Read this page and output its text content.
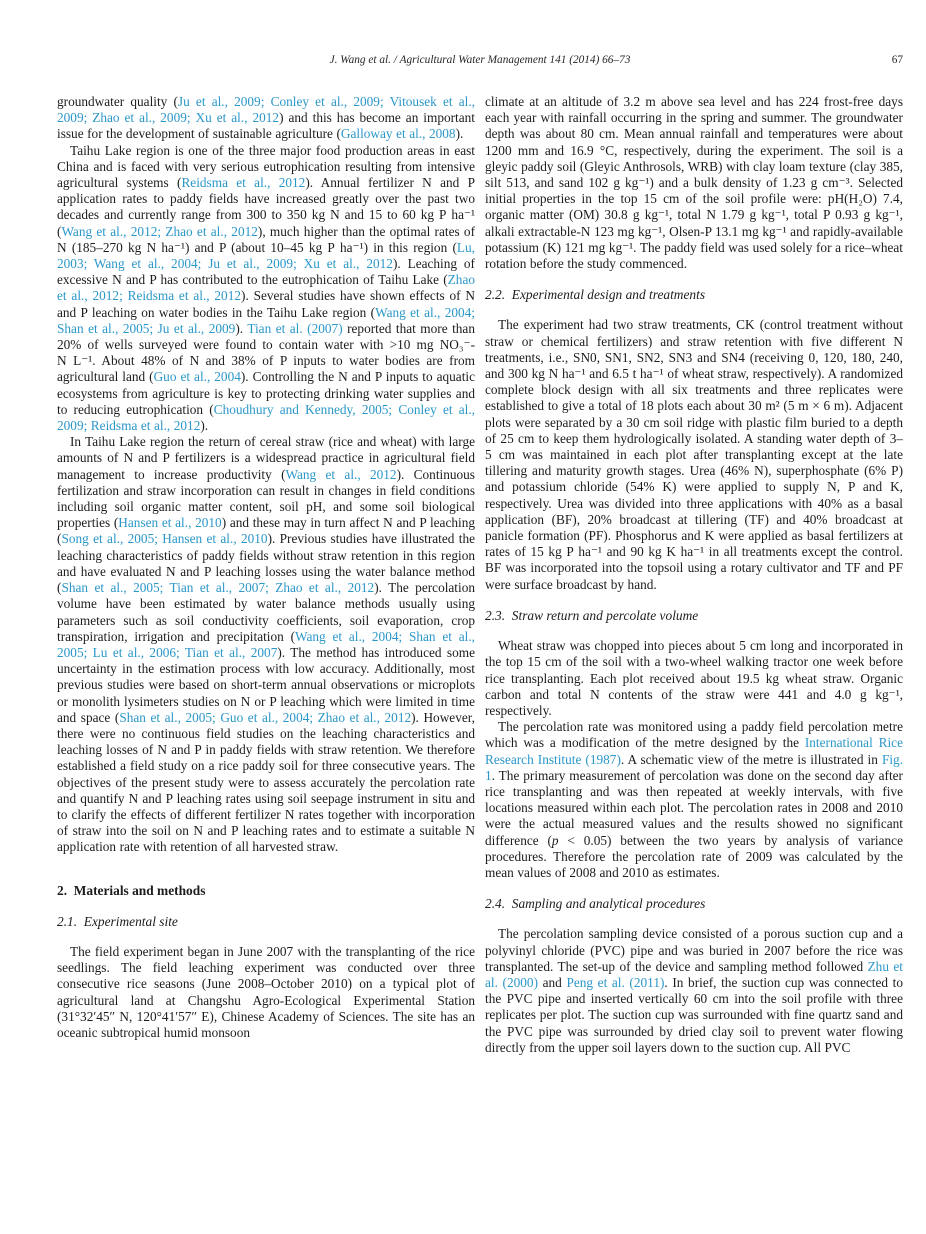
J. Wang et al. / Agricultural Water Management 141 (2014) 66–73	67

groundwater quality (Ju et al., 2009; Conley et al., 2009; Vitousek et al., 2009; Zhao et al., 2009; Xu et al., 2012) and this has become an important issue for the development of sustainable agriculture (Galloway et al., 2008).

Taihu Lake region is one of the three major food production areas in east China and is faced with very serious eutrophication resulting from intensive agricultural systems (Reidsma et al., 2012). Annual fertilizer N and P application rates to paddy fields have increased greatly over the past two decades and currently range from 300 to 350 kg N and 15 to 60 kg P ha⁻¹ (Wang et al., 2012; Zhao et al., 2012), much higher than the optimal rates of N (185–270 kg N ha⁻¹) and P (about 10–45 kg P ha⁻¹) in this region (Lu, 2003; Wang et al., 2004; Ju et al., 2009; Xu et al., 2012). Leaching of excessive N and P has contributed to the eutrophication of Taihu Lake (Zhao et al., 2012; Reidsma et al., 2012). Several studies have shown effects of N and P leaching on water bodies in the Taihu Lake region (Wang et al., 2004; Shan et al., 2005; Ju et al., 2009). Tian et al. (2007) reported that more than 20% of wells surveyed were found to contain water with >10 mg NO₃⁻-N L⁻¹. About 48% of N and 38% of P inputs to water bodies are from agricultural land (Guo et al., 2004). Controlling the N and P inputs to aquatic ecosystems from agriculture is key to protecting drinking water supplies and to reducing eutrophication (Choudhury and Kennedy, 2005; Conley et al., 2009; Reidsma et al., 2012).

In Taihu Lake region the return of cereal straw (rice and wheat) with large amounts of N and P fertilizers is a widespread practice in agricultural field management to increase productivity (Wang et al., 2012). Continuous fertilization and straw incorporation can result in changes in field conditions including soil organic matter content, soil pH, and some soil biological properties (Hansen et al., 2010) and these may in turn affect N and P leaching (Song et al., 2005; Hansen et al., 2010). Previous studies have illustrated the leaching characteristics of paddy fields without straw retention in this region and have evaluated N and P leaching losses using the water balance method (Shan et al., 2005; Tian et al., 2007; Zhao et al., 2012). The percolation volume have been estimated by water balance methods usually using parameters such as soil conductivity coefficients, soil evaporation, crop transpiration, irrigation and precipitation (Wang et al., 2004; Shan et al., 2005; Lu et al., 2006; Tian et al., 2007). The method has introduced some uncertainty in the estimation process with low accuracy. Additionally, most previous studies were based on short-term annual observations or microplots or monolith lysimeters studies on N or P leaching which were limited in time and space (Shan et al., 2005; Guo et al., 2004; Zhao et al., 2012). However, there were no continuous field studies on the leaching characteristics and leaching losses of N and P in paddy fields with straw retention. We therefore established a field study on a rice paddy soil for three consecutive years. The objectives of the present study were to assess accurately the percolation rate and quantify N and P leaching rates using soil seepage instrument in situ and to clarify the effects of different fertilizer N rates together with incorporation of straw into the soil on N and P leaching rates and to estimate a suitable N application rate with retention of all harvested straw.

2. Materials and methods
2.1. Experimental site

The field experiment began in June 2007 with the transplanting of the rice seedlings. The field leaching experiment was conducted over three consecutive rice seasons (June 2008–October 2010) on a typical plot of agricultural land at Changshu Agro-Ecological Experimental Station (31°32′45″ N, 120°41′57″ E), Chinese Academy of Sciences. The site has an oceanic subtropical humid monsoon

climate at an altitude of 3.2 m above sea level and has 224 frost-free days each year with rainfall occurring in the spring and summer. The groundwater depth was about 80 cm. Mean annual rainfall and temperatures were about 1200 mm and 16.9 °C, respectively, during the experiment. The soil is a gleyic paddy soil (Gleyic Anthrosols, WRB) with clay loam texture (clay 385, silt 513, and sand 102 g kg⁻¹) and a bulk density of 1.23 g cm⁻³. Selected initial properties in the top 15 cm of the soil profile were: pH(H₂O) 7.4, organic matter (OM) 30.8 g kg⁻¹, total N 1.79 g kg⁻¹, total P 0.93 g kg⁻¹, alkali extractable-N 123 mg kg⁻¹, Olsen-P 13.1 mg kg⁻¹ and rapidly-available potassium (K) 121 mg kg⁻¹. The paddy field was used solely for a rice–wheat rotation before the study commenced.

2.2. Experimental design and treatments

The experiment had two straw treatments, CK (control treatment without straw or chemical fertilizers) and straw retention with five different N treatments, i.e., SN0, SN1, SN2, SN3 and SN4 (receiving 0, 120, 180, 240, and 300 kg N ha⁻¹ and 6.5 t ha⁻¹ of wheat straw, respectively). A randomized complete block design with all six treatments and three replicates were established to give a total of 18 plots each about 30 m² (5 m × 6 m). Adjacent plots were separated by a 30 cm soil ridge with plastic film buried to a depth of 25 cm to keep them hydrologically isolated. A standing water depth of 3–5 cm was maintained in each plot after transplanting except at the late tillering and maturity growth stages. Urea (46% N), superphosphate (6% P) and potassium chloride (54% K) were applied to supply N, P and K, respectively. Urea was divided into three applications with 40% as a basal application (BF), 20% broadcast at tillering (TF) and 40% broadcast at panicle formation (PF). Phosphorus and K were applied as basal fertilizers at rates of 15 kg P ha⁻¹ and 90 kg K ha⁻¹ in all treatments except the control. BF was incorporated into the topsoil using a rotary cultivator and TF and PF were surface broadcast by hand.

2.3. Straw return and percolate volume

Wheat straw was chopped into pieces about 5 cm long and incorporated in the top 15 cm of the soil with a two-wheel walking tractor one week before rice transplanting. Each plot received about 19.5 kg wheat straw. Organic carbon and total N contents of the straw were 441 and 4.0 g kg⁻¹, respectively.

The percolation rate was monitored using a paddy field percolation metre which was a modification of the metre designed by the International Rice Research Institute (1987). A schematic view of the metre is illustrated in Fig. 1. The primary measurement of percolation was done on the second day after rice transplanting and was then repeated at weekly intervals, with five locations measured within each plot. The percolation rates in 2008 and 2010 were the actual measured values and the results showed no significant difference (p < 0.05) between the two years by analysis of variance procedures. Therefore the percolation rate of 2009 was calculated by the mean values of 2008 and 2010 as estimates.

2.4. Sampling and analytical procedures

The percolation sampling device consisted of a porous suction cup and a polyvinyl chloride (PVC) pipe and was buried in 2007 before the rice was transplanted. The set-up of the device and sampling method followed Zhu et al. (2000) and Peng et al. (2011). In brief, the suction cup was connected to the PVC pipe and inserted vertically 60 cm into the soil profile with three replicates per plot. The suction cup was surrounded with fine quartz sand and the PVC pipe was surrounded by dried clay soil to prevent water flowing directly from the upper soil layers down to the suction cup. All PVC
